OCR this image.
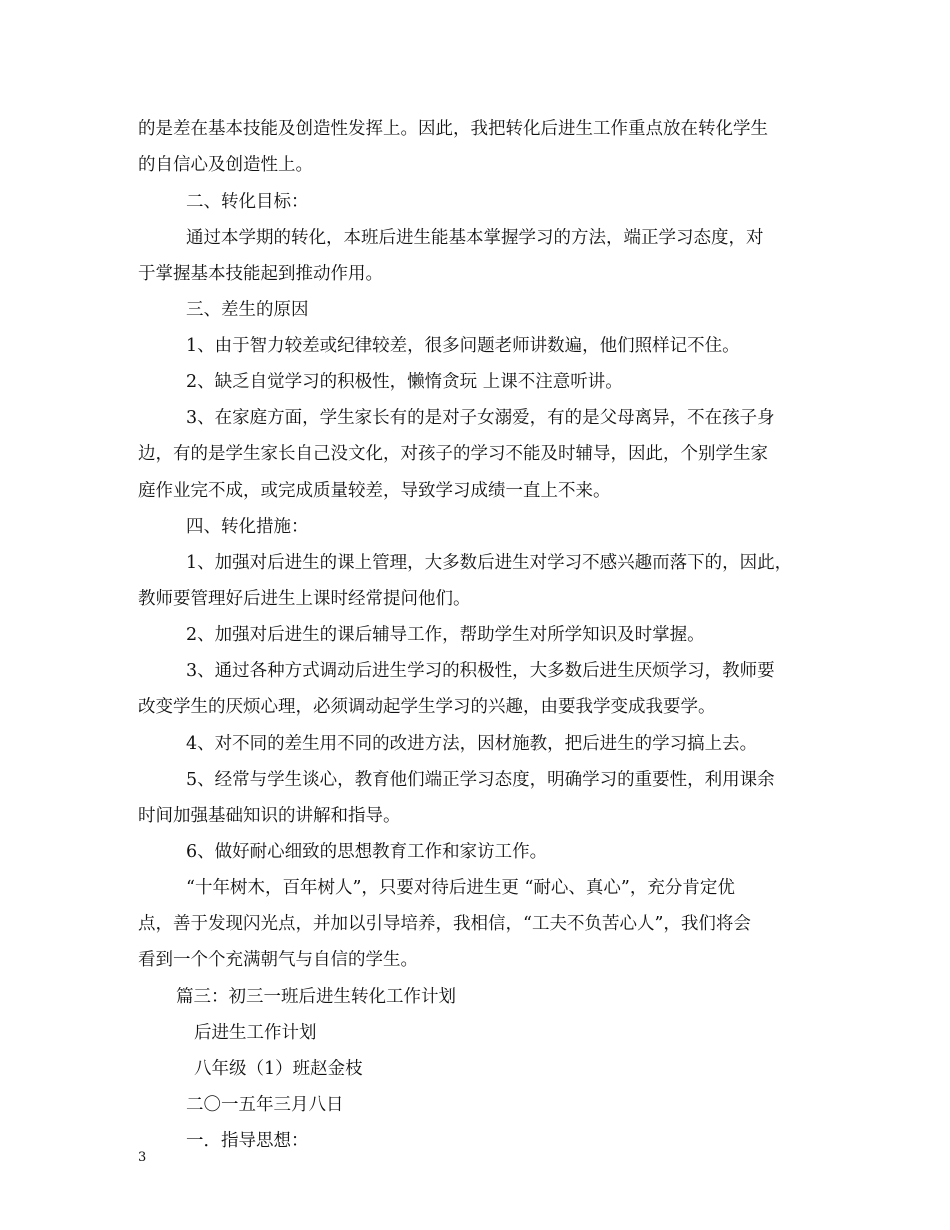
的是差在基本技能及创造性发挥上。因此，我把转化后进生工作重点放在转化学生
的自信心及创造性上。
二、转化目标：
通过本学期的转化，本班后进生能基本掌握学习的方法，端正学习态度，对
于掌握基本技能起到推动作用。
三、差生的原因
1、由于智力较差或纪律较差，很多问题老师讲数遍，他们照样记不住。
2、缺乏自觉学习的积极性，懒惰贪玩 上课不注意听讲。
3、在家庭方面，学生家长有的是对子女溺爱，有的是父母离异，不在孩子身
边，有的是学生家长自己没文化，对孩子的学习不能及时辅导，因此，个别学生家
庭作业完不成，或完成质量较差，导致学习成绩一直上不来。
四、转化措施：
1、加强对后进生的课上管理，大多数后进生对学习不感兴趣而落下的，因此，
教师要管理好后进生上课时经常提问他们。
2、加强对后进生的课后辅导工作，帮助学生对所学知识及时掌握。
3、通过各种方式调动后进生学习的积极性，大多数后进生厌烦学习，教师要
改变学生的厌烦心理，必须调动起学生学习的兴趣，由要我学变成我要学。
4、对不同的差生用不同的改进方法，因材施教，把后进生的学习搞上去。
5、经常与学生谈心，教育他们端正学习态度，明确学习的重要性，利用课余
时间加强基础知识的讲解和指导。
6、做好耐心细致的思想教育工作和家访工作。
“十年树木，百年树人”，只要对待后进生更 “耐心、真心”，充分肯定优
点，善于发现闪光点，并加以引导培养，我相信，“工夫不负苦心人”，我们将会
看到一个个充满朝气与自信的学生。
篇三：初三一班后进生转化工作计划
后进生工作计划
八年级（1）班赵金枝
二〇一五年三月八日
一．指导思想：
3
